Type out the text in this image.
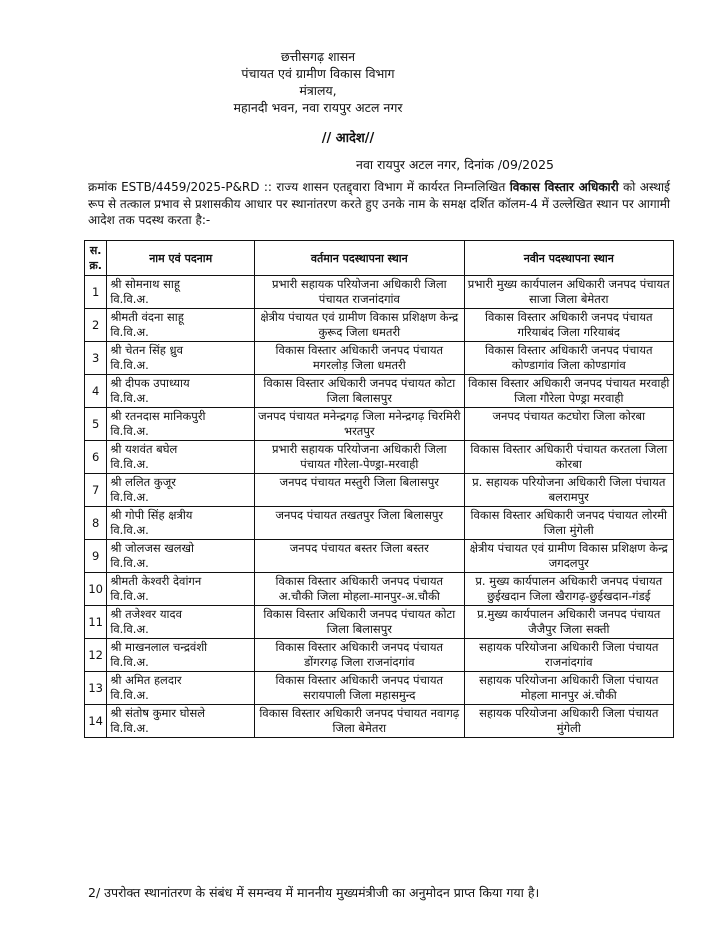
छत्तीसगढ़ शासन
पंचायत एवं ग्रामीण विकास विभाग
मंत्रालय,
महानदी भवन, नवा रायपुर अटल नगर
// आदेश//
नवा रायपुर अटल नगर, दिनांक /09/2025
क्रमांक ESTB/4459/2025-P&RD :: राज्य शासन एतद्द्वारा विभाग में कार्यरत निम्नलिखित विकास विस्तार अधिकारी को अस्थाई रूप से तत्काल प्रभाव से प्रशासकीय आधार पर स्थानांतरण करते हुए उनके नाम के समक्ष दर्शित कॉलम-4 में उल्लेखित स्थान पर आगामी आदेश तक पदस्थ करता है:-
स. क्र.	नाम एवं पदनाम	वर्तमान पदस्थापना स्थान	नवीन पदस्थापना स्थान
1	श्री सोमनाथ साहू
वि.वि.अ.	प्रभारी सहायक परियोजना अधिकारी जिला पंचायत राजनांदगांव	प्रभारी मुख्य कार्यपालन अधिकारी जनपद पंचायत साजा जिला बेमेतरा
2	श्रीमती वंदना साहू
वि.वि.अ.	क्षेत्रीय पंचायत एवं ग्रामीण विकास प्रशिक्षण केन्द्र कुरूद जिला धमतरी	विकास विस्तार अधिकारी जनपद पंचायत गरियाबंद जिला गरियाबंद
3	श्री चेतन सिंह ध्रुव
वि.वि.अ.	विकास विस्तार अधिकारी जनपद पंचायत मगरलोड़ जिला धमतरी	विकास विस्तार अधिकारी जनपद पंचायत कोण्डागांव जिला कोण्डागांव
4	श्री दीपक उपाध्याय
वि.वि.अ.	विकास विस्तार अधिकारी जनपद पंचायत कोटा जिला बिलासपुर	विकास विस्तार अधिकारी जनपद पंचायत मरवाही जिला गौरेला पेण्ड्रा मरवाही
5	श्री रतनदास मानिकपुरी
वि.वि.अ.	जनपद पंचायत मनेन्द्रगढ़ जिला मनेन्द्रगढ़ चिरमिरी भरतपुर	जनपद पंचायत कटघोरा जिला कोरबा
6	श्री यशवंत बघेल
वि.वि.अ.	प्रभारी सहायक परियोजना अधिकारी जिला पंचायत गौरेला-पेण्ड्रा-मरवाही	विकास विस्तार अधिकारी पंचायत करतला जिला कोरबा
7	श्री ललित कुजूर
वि.वि.अ.	जनपद पंचायत मस्तुरी जिला बिलासपुर	प्र. सहायक परियोजना अधिकारी जिला पंचायत बलरामपुर
8	श्री गोपी सिंह क्षत्रीय
वि.वि.अ.	जनपद पंचायत तखतपुर जिला बिलासपुर	विकास विस्तार अधिकारी जनपद पंचायत लोरमी जिला मुंगेली
9	श्री जोलजस खलखो
वि.वि.अ.	जनपद पंचायत बस्तर जिला बस्तर	क्षेत्रीय पंचायत एवं ग्रामीण विकास प्रशिक्षण केन्द्र जगदलपुर
10	श्रीमती केश्वरी देवांगन
वि.वि.अ.	विकास विस्तार अधिकारी जनपद पंचायत अ.चौकी जिला मोहला-मानपुर-अ.चौकी	प्र. मुख्य कार्यपालन अधिकारी जनपद पंचायत छुईखदान जिला खैरागढ़-छुईखदान-गंडई
11	श्री तजेश्वर यादव
वि.वि.अ.	विकास विस्तार अधिकारी जनपद पंचायत कोटा जिला बिलासपुर	प्र.मुख्य कार्यपालन अधिकारी जनपद पंचायत जैजैपुर जिला सक्ती
12	श्री माखनलाल चन्द्रवंशी
वि.वि.अ.	विकास विस्तार अधिकारी जनपद पंचायत डोंगरगढ़ जिला राजनांदगांव	सहायक परियोजना अधिकारी जिला पंचायत राजनांदगांव
13	श्री अमित हलदार
वि.वि.अ.	विकास विस्तार अधिकारी जनपद पंचायत सरायपाली जिला महासमुन्द	सहायक परियोजना अधिकारी जिला पंचायत मोहला मानपुर अं.चौकी
14	श्री संतोष कुमार घोसले
वि.वि.अ.	विकास विस्तार अधिकारी जनपद पंचायत नवागढ़ जिला बेमेतरा	सहायक परियोजना अधिकारी जिला पंचायत मुंगेली
2/ उपरोक्त स्थानांतरण के संबंध में समन्वय में माननीय मुख्यमंत्रीजी का अनुमोदन प्राप्त किया गया है।
